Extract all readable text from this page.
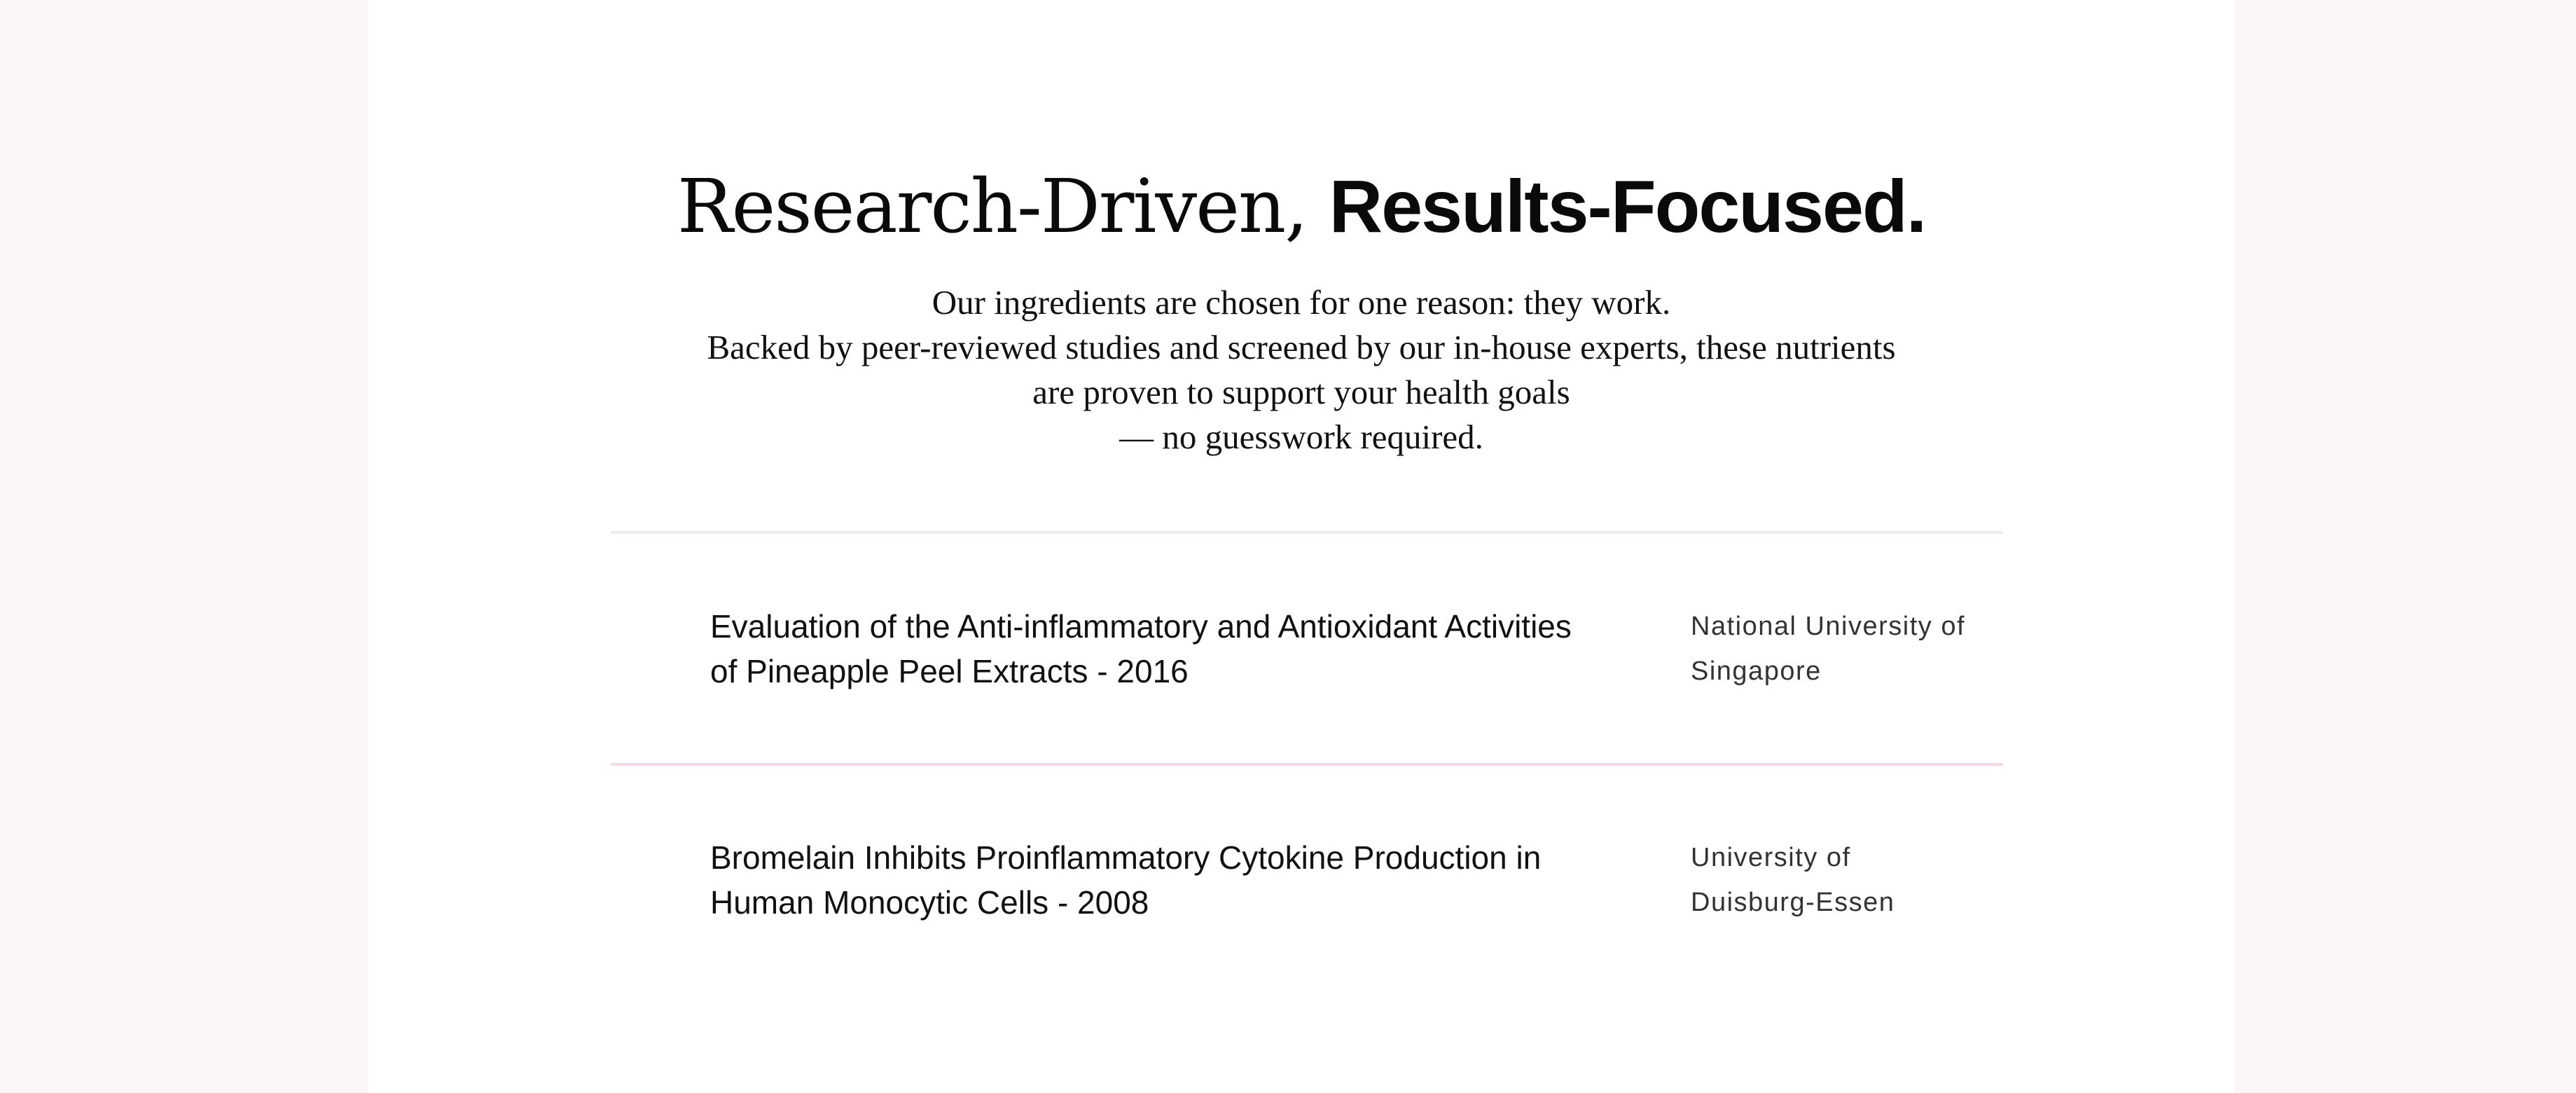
Research-Driven, Results-Focused.
Our ingredients are chosen for one reason: they work.
Backed by peer-reviewed studies and screened by our in-house experts, these nutrients
are proven to support your health goals
— no guesswork required.

Evaluation of the Anti-inflammatory and Antioxidant Activities
of Pineapple Peel Extracts - 2016

National University of
Singapore

Bromelain Inhibits Proinflammatory Cytokine Production in
Human Monocytic Cells - 2008

University of
Duisburg-Essen
